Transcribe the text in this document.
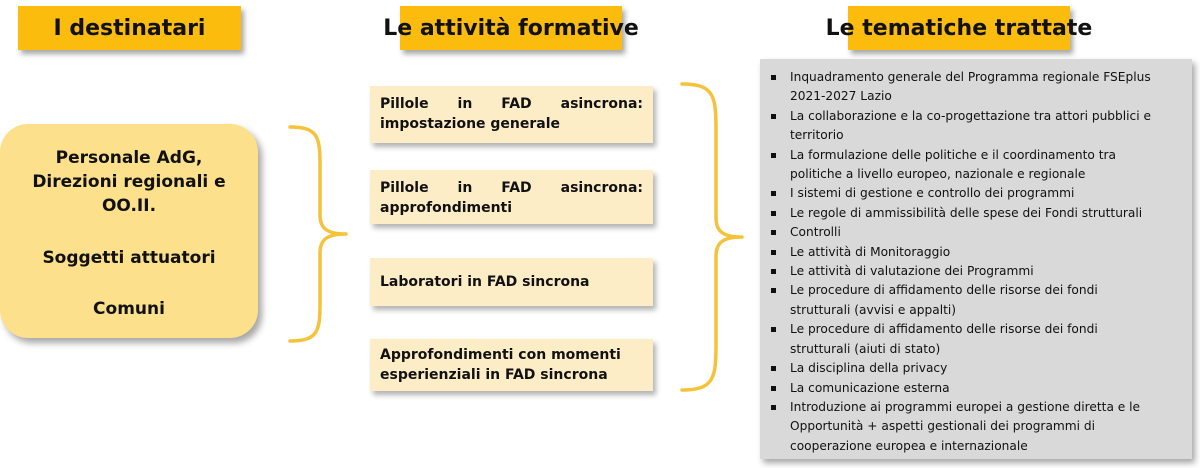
I destinatari	Le attività formative	Le tematiche trattate
Personale AdG,
Direzioni regionali e
OO.II.
Soggetti attuatori
Comuni
Pillole in FAD asincrona:
impostazione generale
Pillole in FAD asincrona:
approfondimenti
Laboratori in FAD sincrona
Approfondimenti con momenti
esperienziali in FAD sincrona
Inquadramento generale del Programma regionale FSEplus
2021-2027 Lazio
La collaborazione e la co-progettazione tra attori pubblici e
territorio
La formulazione delle politiche e il coordinamento tra
politiche a livello europeo, nazionale e regionale
I sistemi di gestione e controllo dei programmi
Le regole di ammissibilità delle spese dei Fondi strutturali
Controlli
Le attività di Monitoraggio
Le attività di valutazione dei Programmi
Le procedure di affidamento delle risorse dei fondi
strutturali (avvisi e appalti)
Le procedure di affidamento delle risorse dei fondi
strutturali (aiuti di stato)
La disciplina della privacy
La comunicazione esterna
Introduzione ai programmi europei a gestione diretta e le
Opportunità + aspetti gestionali dei programmi di
cooperazione europea e internazionale
